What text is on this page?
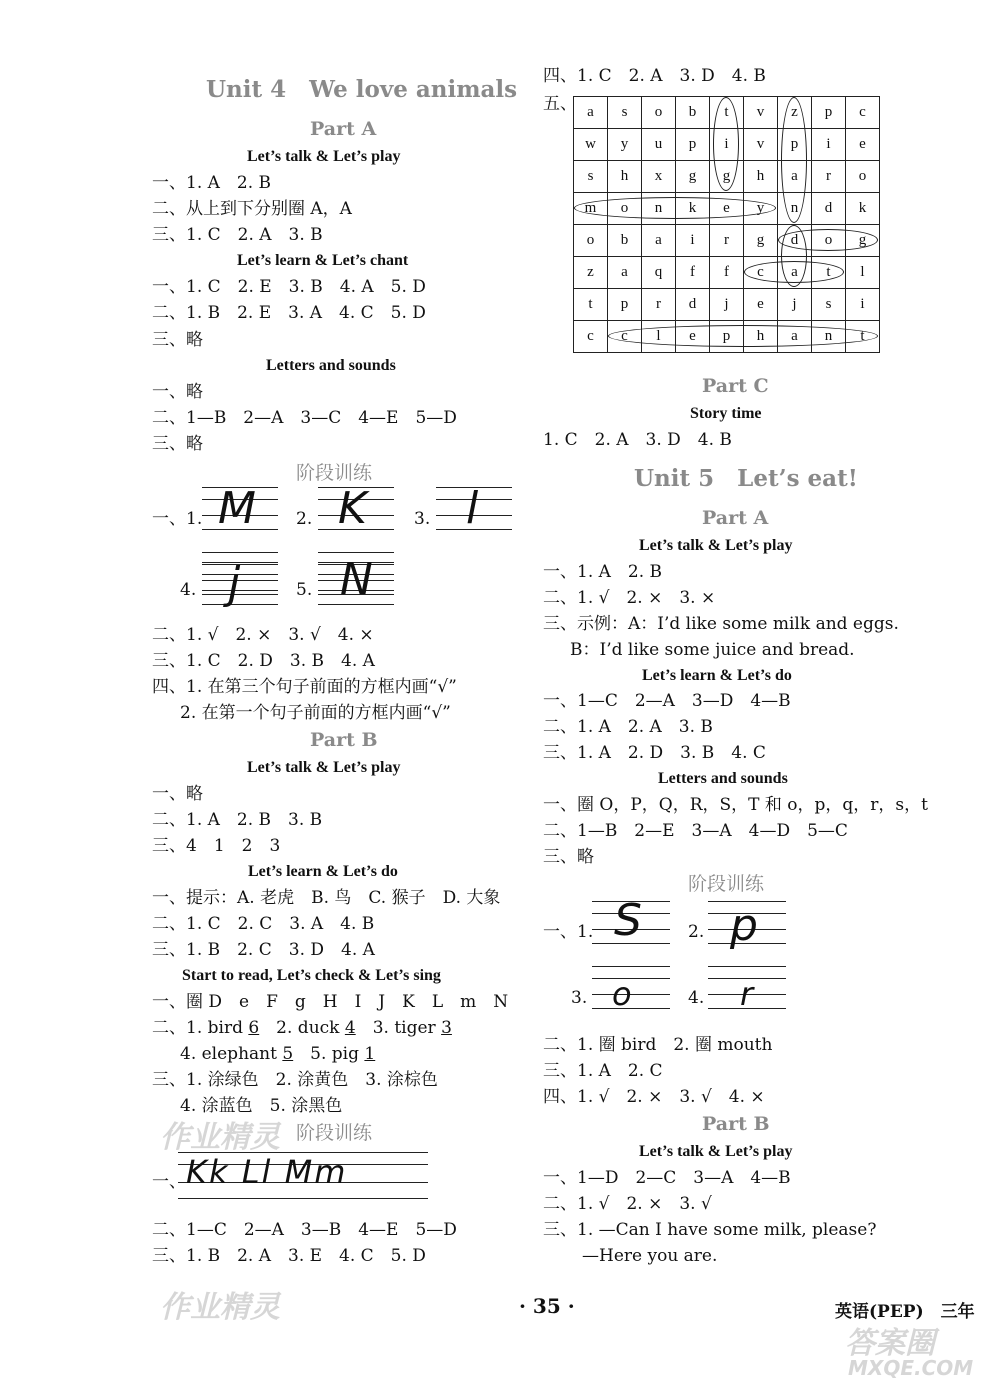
Unit 4　We love animals
Part A
Let’s talk & Let’s play
一、1. A　2. B
二、从上到下分别圈 A，A
三、1. C　2. A　3. B
Let’s learn & Let’s chant
一、1. C　2. E　3. B　4. A　5. D
二、1. B　2. E　3. A　4. C　5. D
三、略
Letters and sounds
一、略
二、1—B　2—A　3—C　4—E　5—D
三、略
阶段训练
一、1. M 2. K	3. l
4. j	5. N
二、1. √　2. ×　3. √　4. ×
三、1. C　2. D　3. B　4. A
四、1. 在第三个句子前面的方框内画“√”
2. 在第一个句子前面的方框内画“√”
Part B
Let’s talk & Let’s play
一、略
二、1. A　2. B　3. B
三、4　1　2　3
Let’s learn & Let’s do
一、提示：A. 老虎　B. 鸟　C. 猴子　D. 大象
二、1. C　2. C　3. A　4. B
三、1. B　2. C　3. D　4. A
Start to read, Let’s check & Let’s sing
一、圈 D　e　F　g　H　I　J　K　L　m　N
二、1. bird 6　2. duck 4　3. tiger 3
4. elephant 5　5. pig 1
三、1. 涂绿色　2. 涂黄色　3. 涂棕色
4. 涂蓝色　5. 涂黑色
阶段训练
一、 Kk Ll Mm
二、1—C　2—A　3—B　4—E　5—D
三、1. B　2. A　3. E　4. C　5. D
四、1. C　2. A　3. D　4. B
五、 a	s	o	b	t	v	z	p	c
w	y	u	p	i	v	p	i	e
s	h	x	g	g	h	a	r	o
m	o	n	k	e	y	n	d	k
o	b	a	i	r	g	d	o	g
z	a	q	f	f	c	a	t	l
t	p	r	d	j	e	j	s	i
c	c	l	e	p	h	a	n	t
Part C
Story time
1. C　2. A　3. D　4. B
Unit 5　Let’s eat!
Part A
Let’s talk & Let’s play
一、1. A　2. B
二、1. √　2. ×　3. ×
三、示例：A：I’d like some milk and eggs.
B：I’d like some juice and bread.
Let’s learn & Let’s do
一、1—C　2—A　3—D　4—B
二、1. A　2. A　3. B
三、1. A　2. D　3. B　4. C
Letters and sounds
一、圈 O，P，Q，R，S，T 和 o，p，q，r，s，t
二、1—B　2—E　3—A　4—D　5—C
三、略
阶段训练
一、1. S	2. p
3.	4.
o	r
二、1. 圈 bird　2. 圈 mouth
三、1. A　2. C
四、1. √　2. ×　3. √　4. ×
Part B
Let’s talk & Let’s play
一、1—D　2—C　3—A　4—B
二、1. √　2. ×　3. √
三、1. —Can I have some milk, please?
—Here you are.
· 35 ·	英语(PEP)　三年
答案圈
MXQE.COM
作业精灵
作业精灵
